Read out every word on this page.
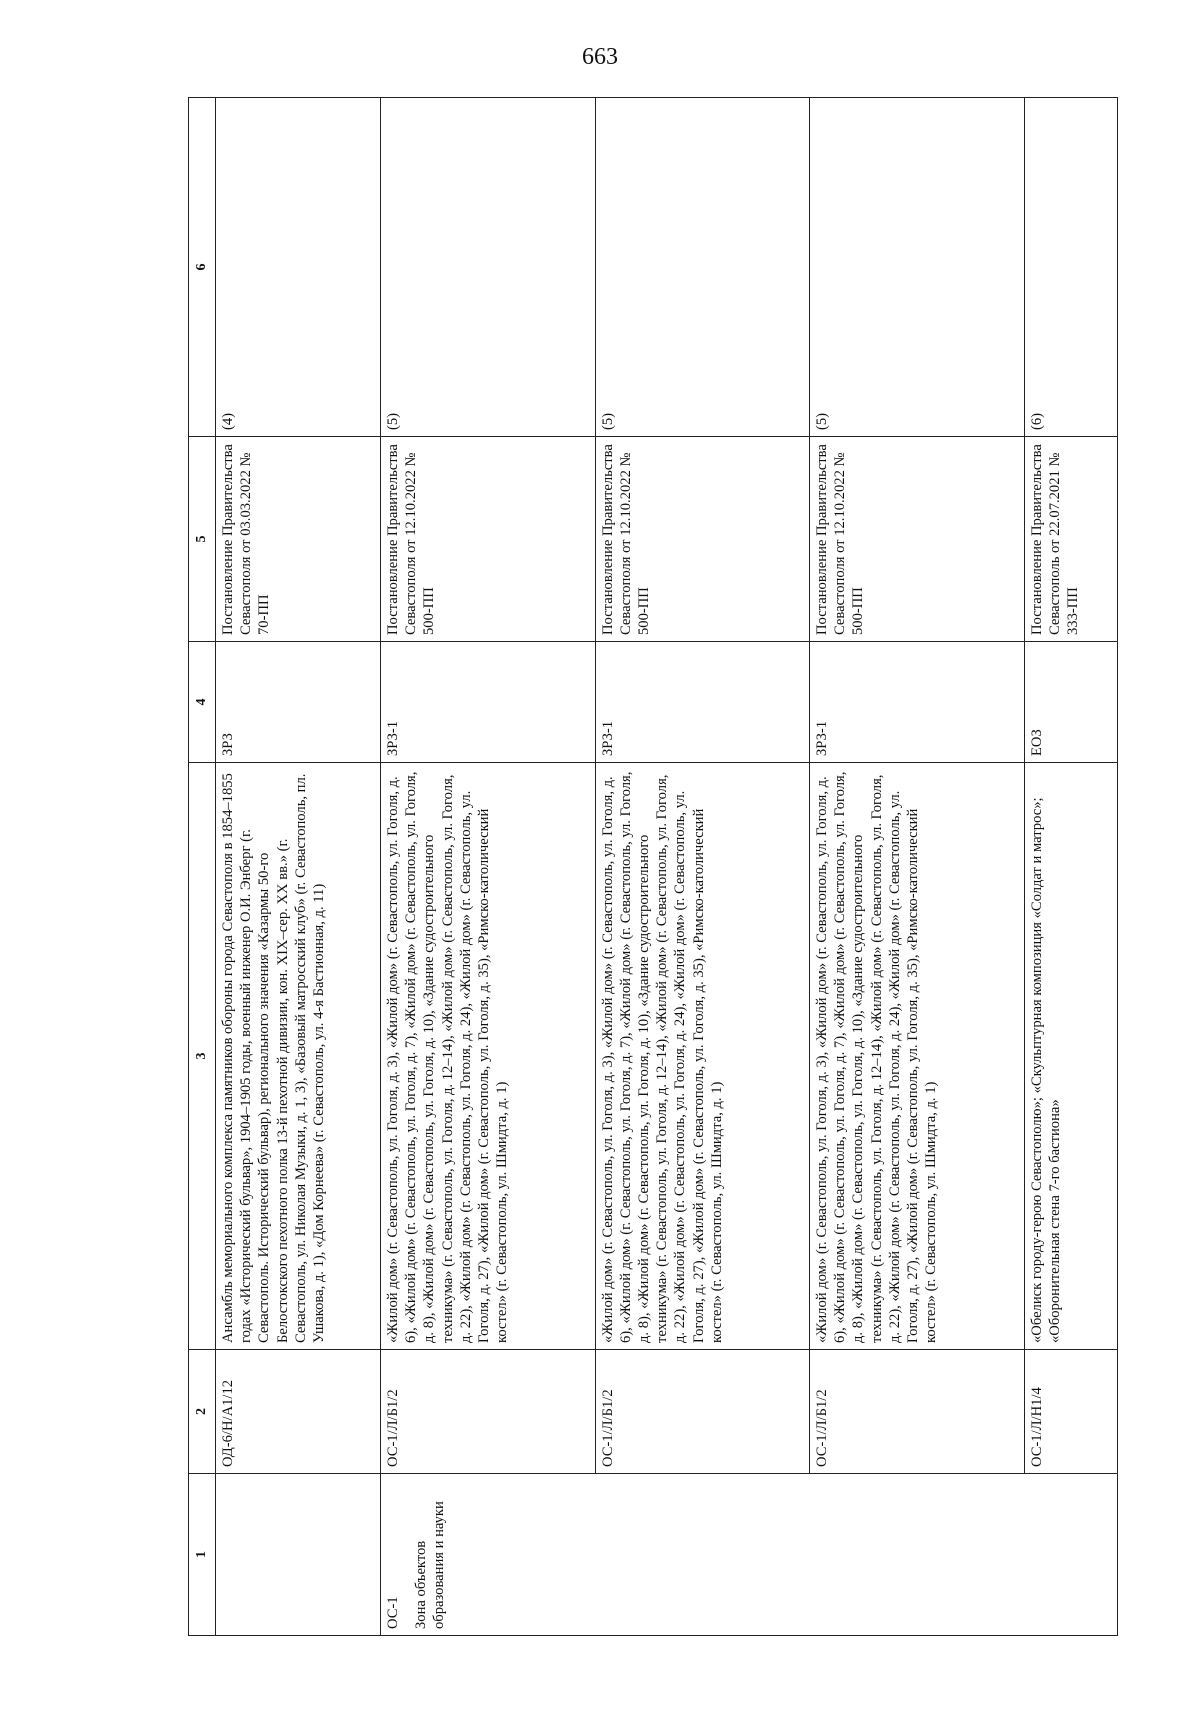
663
1	2	3	4	5	6
	ОД-6/Н/А1/12	Ансамбль мемориального комплекса памятников обороны города Севастополя в 1854–1855 годах «Исторический бульвар», 1904–1905 годы, военный инженер О.И. Энберг (г. Севастополь. Исторический бульвар), регионального значения «Казармы 50-го Белостокского пехотного полка 13-й пехотной дивизии, кон. XIX–сер. XX вв.» (г. Севастополь, ул. Николая Музыки, д. 1, 3), «Базовый матросский клуб» (г. Севастополь, пл. Ушакова, д. 1), «Дом Корнеева» (г. Севастополь, ул. 4-я Бастионная, д. 11)	ЗРЗ	Постановление Правительства Севастополя от 03.03.2022 № 70-ПП	(4)

ОС-1 Зона объектов образования и науки	ОС-1/Л/Б1/2	«Жилой дом» (г. Севастополь, ул. Гоголя, д. 3), «Жилой дом» (г. Севастополь, ул. Гоголя, д. 6), «Жилой дом» (г. Севастополь, ул. Гоголя, д. 7), «Жилой дом» (г. Севастополь, ул. Гоголя, д. 8), «Жилой дом» (г. Севастополь, ул. Гоголя, д. 10), «Здание судостроительного техникума» (г. Севастополь, ул. Гоголя, д. 12–14), «Жилой дом» (г. Севастополь, ул. Гоголя, д. 22), «Жилой дом» (г. Севастополь, ул. Гоголя, д. 24), «Жилой дом» (г. Севастополь, ул. Гоголя, д. 27), «Жилой дом» (г. Севастополь, ул. Гоголя, д. 35), «Римско-католический костел» (г. Севастополь, ул. Шмидта, д. 1)	ЗРЗ-1	Постановление Правительства Севастополя от 12.10.2022 № 500-ПП	(5)
	ОС-1/Л/Б1/2	«Жилой дом» (г. Севастополь, ул. Гоголя, д. 3), «Жилой дом» (г. Севастополь, ул. Гоголя, д. 6), «Жилой дом» (г. Севастополь, ул. Гоголя, д. 7), «Жилой дом» (г. Севастополь, ул. Гоголя, д. 8), «Жилой дом» (г. Севастополь, ул. Гоголя, д. 10), «Здание судостроительного техникума» (г. Севастополь, ул. Гоголя, д. 12–14), «Жилой дом» (г. Севастополь, ул. Гоголя, д. 22), «Жилой дом» (г. Севастополь, ул. Гоголя, д. 24), «Жилой дом» (г. Севастополь, ул. Гоголя, д. 27), «Жилой дом» (г. Севастополь, ул. Гоголя, д. 35), «Римско-католический костел» (г. Севастополь, ул. Шмидта, д. 1)	ЗРЗ-1	Постановление Правительства Севастополя от 12.10.2022 № 500-ПП	(5)
	ОС-1/Л/Б1/2	«Жилой дом» (г. Севастополь, ул. Гоголя, д. 3), «Жилой дом» (г. Севастополь, ул. Гоголя, д. 6), «Жилой дом» (г. Севастополь, ул. Гоголя, д. 7), «Жилой дом» (г. Севастополь, ул. Гоголя, д. 8), «Жилой дом» (г. Севастополь, ул. Гоголя, д. 10), «Здание судостроительного техникума» (г. Севастополь, ул. Гоголя, д. 12–14), «Жилой дом» (г. Севастополь, ул. Гоголя, д. 22), «Жилой дом» (г. Севастополь, ул. Гоголя, д. 24), «Жилой дом» (г. Севастополь, ул. Гоголя, д. 27), «Жилой дом» (г. Севастополь, ул. Гоголя, д. 35), «Римско-католический костел» (г. Севастополь, ул. Шмидта, д. 1)	ЗРЗ-1	Постановление Правительства Севастополя от 12.10.2022 № 500-ПП	(5)
	ОС-1/Л/Н1/4	«Обелиск городу-герою Севастополю»; «Скульптурная композиция «Солдат и матрос»; «Оборонительная стена 7-го бастиона»	ЕОЗ	Постановление Правительства Севастополь от 22.07.2021 № 333-ПП	(6)
